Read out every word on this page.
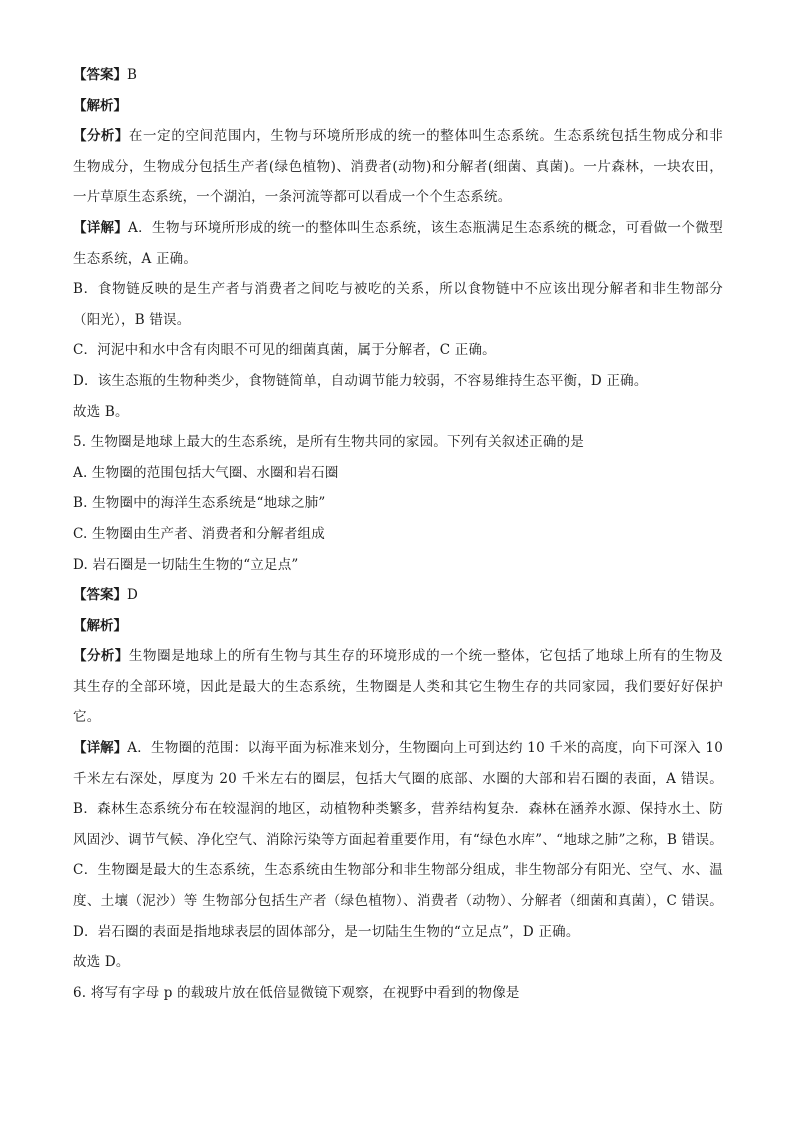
【答案】B
【解析】
【分析】在一定的空间范围内，生物与环境所形成的统一的整体叫生态系统。生态系统包括生物成分和非
生物成分，生物成分包括生产者(绿色植物)、消费者(动物)和分解者(细菌、真菌)。一片森林，一块农田，
一片草原生态系统，一个湖泊，一条河流等都可以看成一个个生态系统。
【详解】A．生物与环境所形成的统一的整体叫生态系统，该生态瓶满足生态系统的概念，可看做一个微型
生态系统，A 正确。
B．食物链反映的是生产者与消费者之间吃与被吃的关系，所以食物链中不应该出现分解者和非生物部分
（阳光），B 错误。
C．河泥中和水中含有肉眼不可见的细菌真菌，属于分解者，C 正确。
D．该生态瓶的生物种类少，食物链简单，自动调节能力较弱，不容易维持生态平衡，D 正确。
故选 B。
5. 生物圈是地球上最大的生态系统，是所有生物共同的家园。下列有关叙述正确的是
A. 生物圈的范围包括大气圈、水圈和岩石圈
B. 生物圈中的海洋生态系统是“地球之肺”
C. 生物圈由生产者、消费者和分解者组成
D. 岩石圈是一切陆生生物的“立足点”
【答案】D
【解析】
【分析】生物圈是地球上的所有生物与其生存的环境形成的一个统一整体，它包括了地球上所有的生物及
其生存的全部环境，因此是最大的生态系统，生物圈是人类和其它生物生存的共同家园，我们要好好保护
它。
【详解】A．生物圈的范围：以海平面为标准来划分，生物圈向上可到达约 10 千米的高度，向下可深入 10
千米左右深处，厚度为 20 千米左右的圈层，包括大气圈的底部、水圈的大部和岩石圈的表面，A 错误。
B．森林生态系统分布在较湿润的地区，动植物种类繁多，营养结构复杂．森林在涵养水源、保持水土、防
风固沙、调节气候、净化空气、消除污染等方面起着重要作用，有“绿色水库”、“地球之肺”之称，B 错误。
C．生物圈是最大的生态系统，生态系统由生物部分和非生物部分组成，非生物部分有阳光、空气、水、温
度、土壤（泥沙）等 生物部分包括生产者（绿色植物）、消费者（动物）、分解者（细菌和真菌），C 错误。
D．岩石圈的表面是指地球表层的固体部分，是一切陆生生物的“立足点”，D 正确。
故选 D。
6. 将写有字母 p 的载玻片放在低倍显微镜下观察，在视野中看到的物像是
